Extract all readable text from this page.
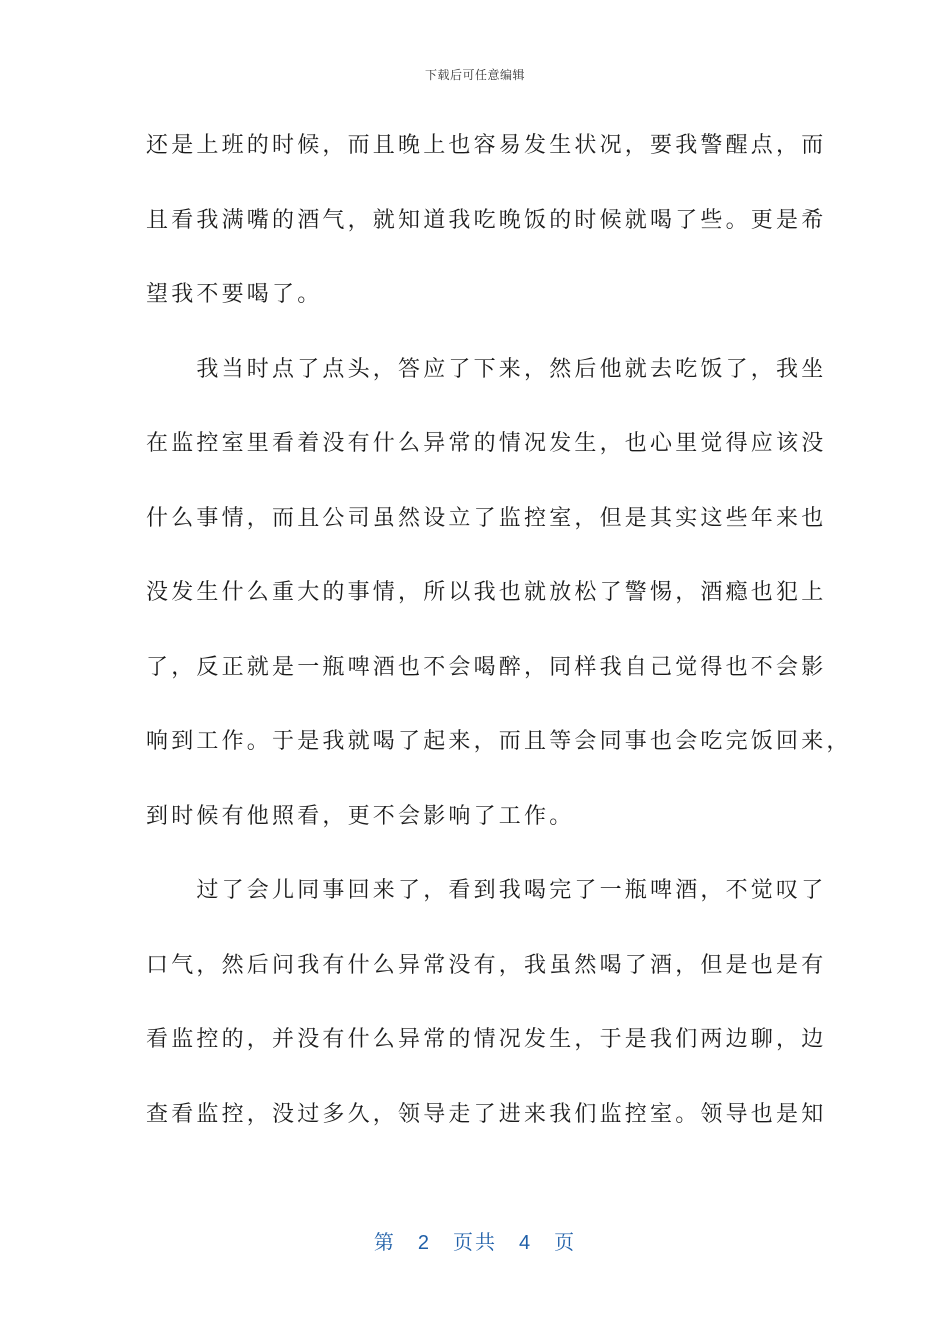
下载后可任意编辑
还是上班的时候，而且晚上也容易发生状况，要我警醒点，而
且看我满嘴的酒气，就知道我吃晚饭的时候就喝了些。更是希
望我不要喝了。
　　我当时点了点头，答应了下来，然后他就去吃饭了，我坐
在监控室里看着没有什么异常的情况发生，也心里觉得应该没
什么事情，而且公司虽然设立了监控室，但是其实这些年来也
没发生什么重大的事情，所以我也就放松了警惕，酒瘾也犯上
了，反正就是一瓶啤酒也不会喝醉，同样我自己觉得也不会影
响到工作。于是我就喝了起来，而且等会同事也会吃完饭回来，
到时候有他照看，更不会影响了工作。
　　过了会儿同事回来了，看到我喝完了一瓶啤酒，不觉叹了
口气，然后问我有什么异常没有，我虽然喝了酒，但是也是有
看监控的，并没有什么异常的情况发生，于是我们两边聊，边
查看监控，没过多久，领导走了进来我们监控室。领导也是知
第 2 页共 4 页
